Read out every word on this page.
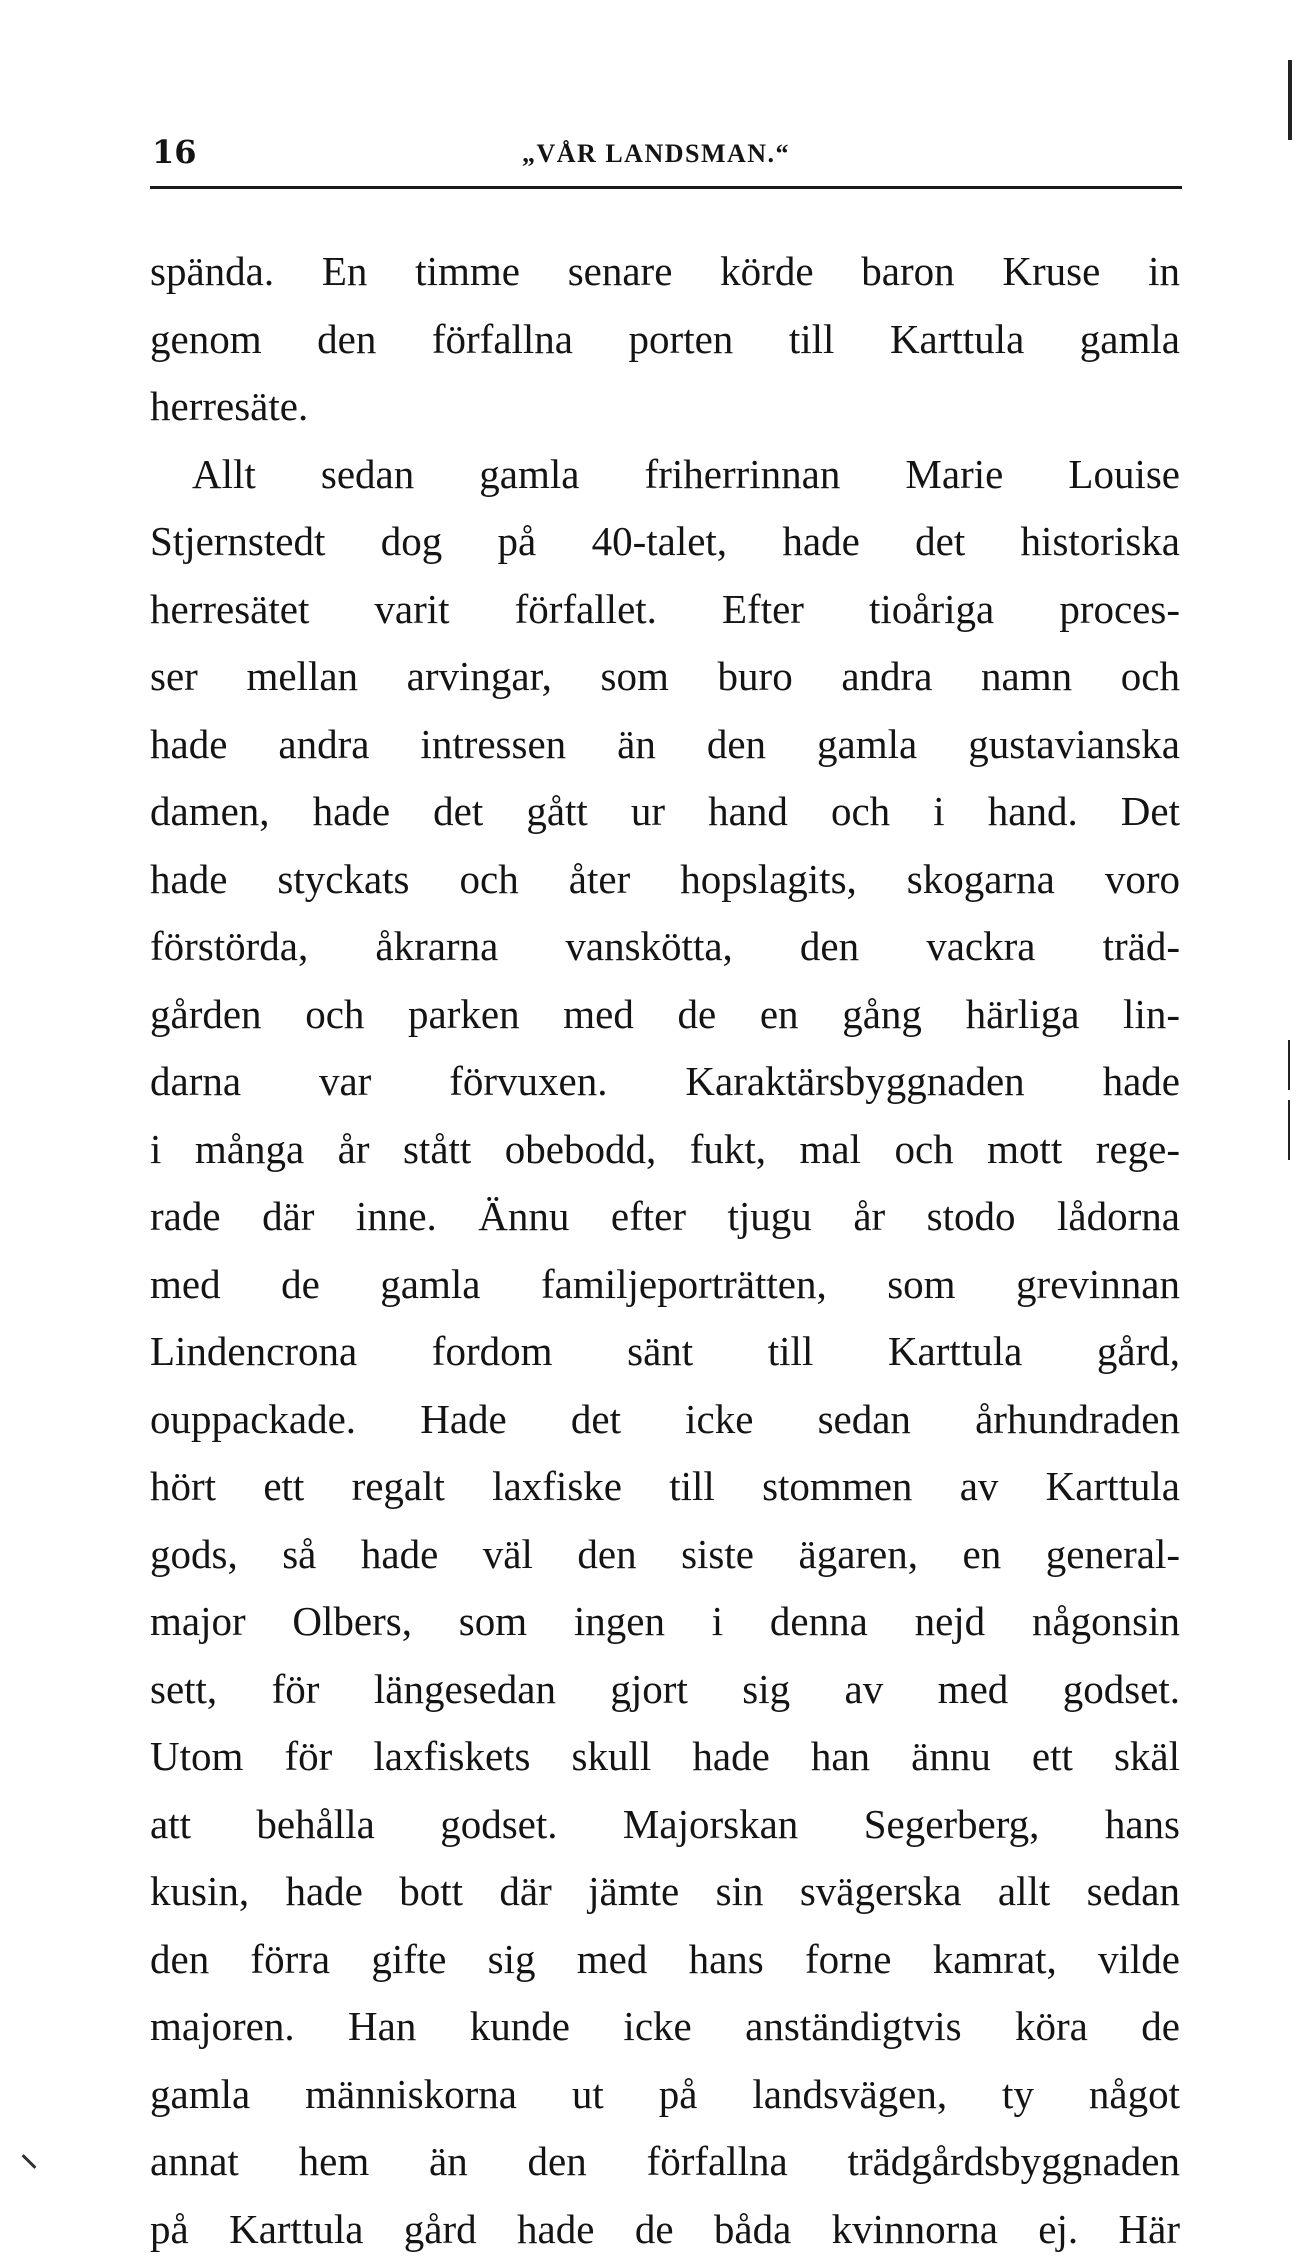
16	„VÅR LANDSMAN.“
spända. En timme senare körde baron Kruse in
genom den förfallna porten till Karttula gamla
herresäte.
Allt sedan gamla friherrinnan Marie Louise
Stjernstedt dog på 40-talet, hade det historiska
herresätet varit förfallet. Efter tioåriga proces-
ser mellan arvingar, som buro andra namn och
hade andra intressen än den gamla gustavianska
damen, hade det gått ur hand och i hand. Det
hade styckats och åter hopslagits, skogarna voro
förstörda, åkrarna vanskötta, den vackra träd-
gården och parken med de en gång härliga lin-
darna var förvuxen. Karaktärsbyggnaden hade
i många år stått obebodd, fukt, mal och mott rege-
rade där inne. Ännu efter tjugu år stodo lådorna
med de gamla familjeporträtten, som grevinnan
Lindencrona fordom sänt till Karttula gård,
ouppackade. Hade det icke sedan århundraden
hört ett regalt laxfiske till stommen av Karttula
gods, så hade väl den siste ägaren, en general-
major Olbers, som ingen i denna nejd någonsin
sett, för längesedan gjort sig av med godset.
Utom för laxfiskets skull hade han ännu ett skäl
att behålla godset. Majorskan Segerberg, hans
kusin, hade bott där jämte sin svägerska allt sedan
den förra gifte sig med hans forne kamrat, vilde
majoren. Han kunde icke anständigtvis köra de
gamla människorna ut på landsvägen, ty något
annat hem än den förfallna trädgårdsbyggnaden
på Karttula gård hade de båda kvinnorna ej. Här
